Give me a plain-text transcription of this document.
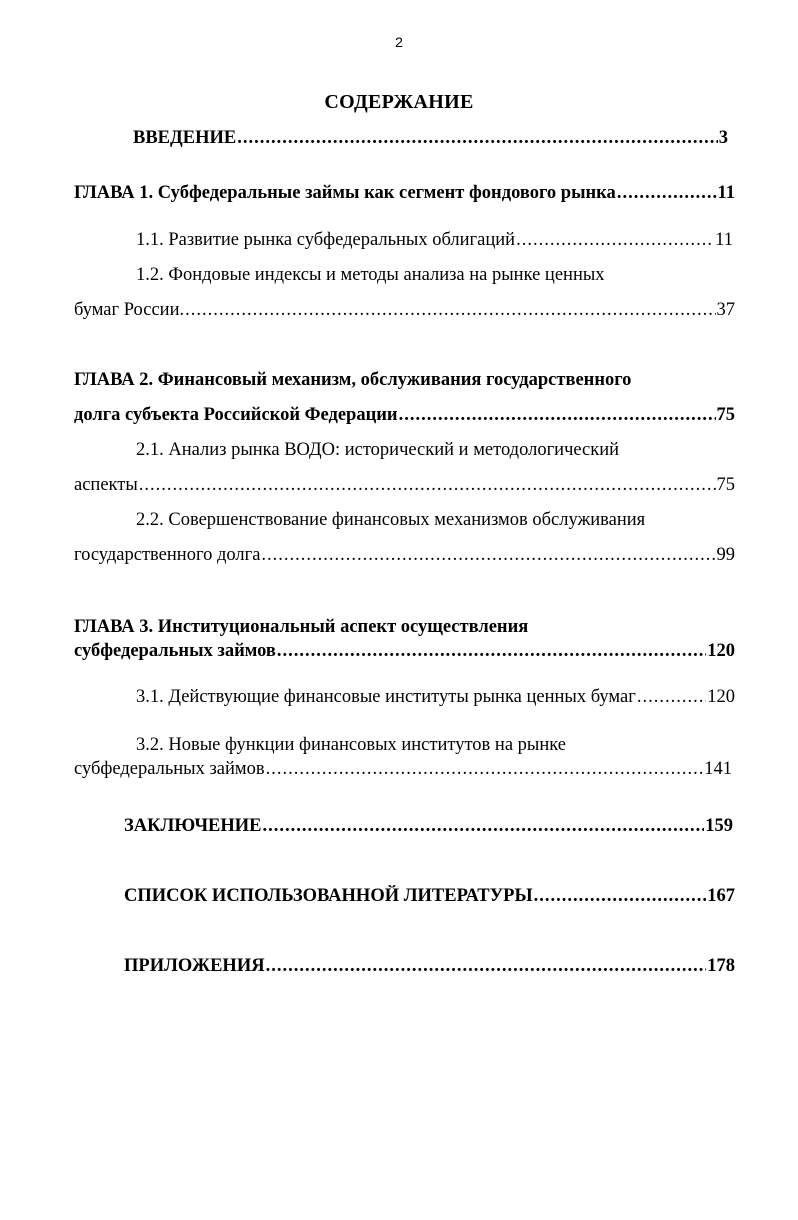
2
СОДЕРЖАНИЕ
ВВЕДЕНИЕ .....	3
ГЛАВА 1. Субфедеральные займы как сегмент фондового рынка .....	11
1.1. Развитие рынка субфедеральных облигаций .....	11
1.2. Фондовые индексы и методы анализа на рынке ценных
бумаг России. .....	37
ГЛАВА 2. Финансовый механизм, обслуживания государственного
долга субъекта Российской Федерации .....	75
2.1. Анализ рынка ВОДО: исторический и методологический
аспекты .....	75
2.2. Совершенствование финансовых механизмов обслуживания
государственного долга .....	99
ГЛАВА 3. Институциональный аспект осуществления
субфедеральных займов .....	120
3.1. Действующие финансовые институты рынка ценных бумаг .....	120
3.2. Новые функции финансовых институтов на рынке
субфедеральных займов .....	141
ЗАКЛЮЧЕНИЕ .....	159
СПИСОК ИСПОЛЬЗОВАННОЙ ЛИТЕРАТУРЫ .....	167
ПРИЛОЖЕНИЯ .....	178
